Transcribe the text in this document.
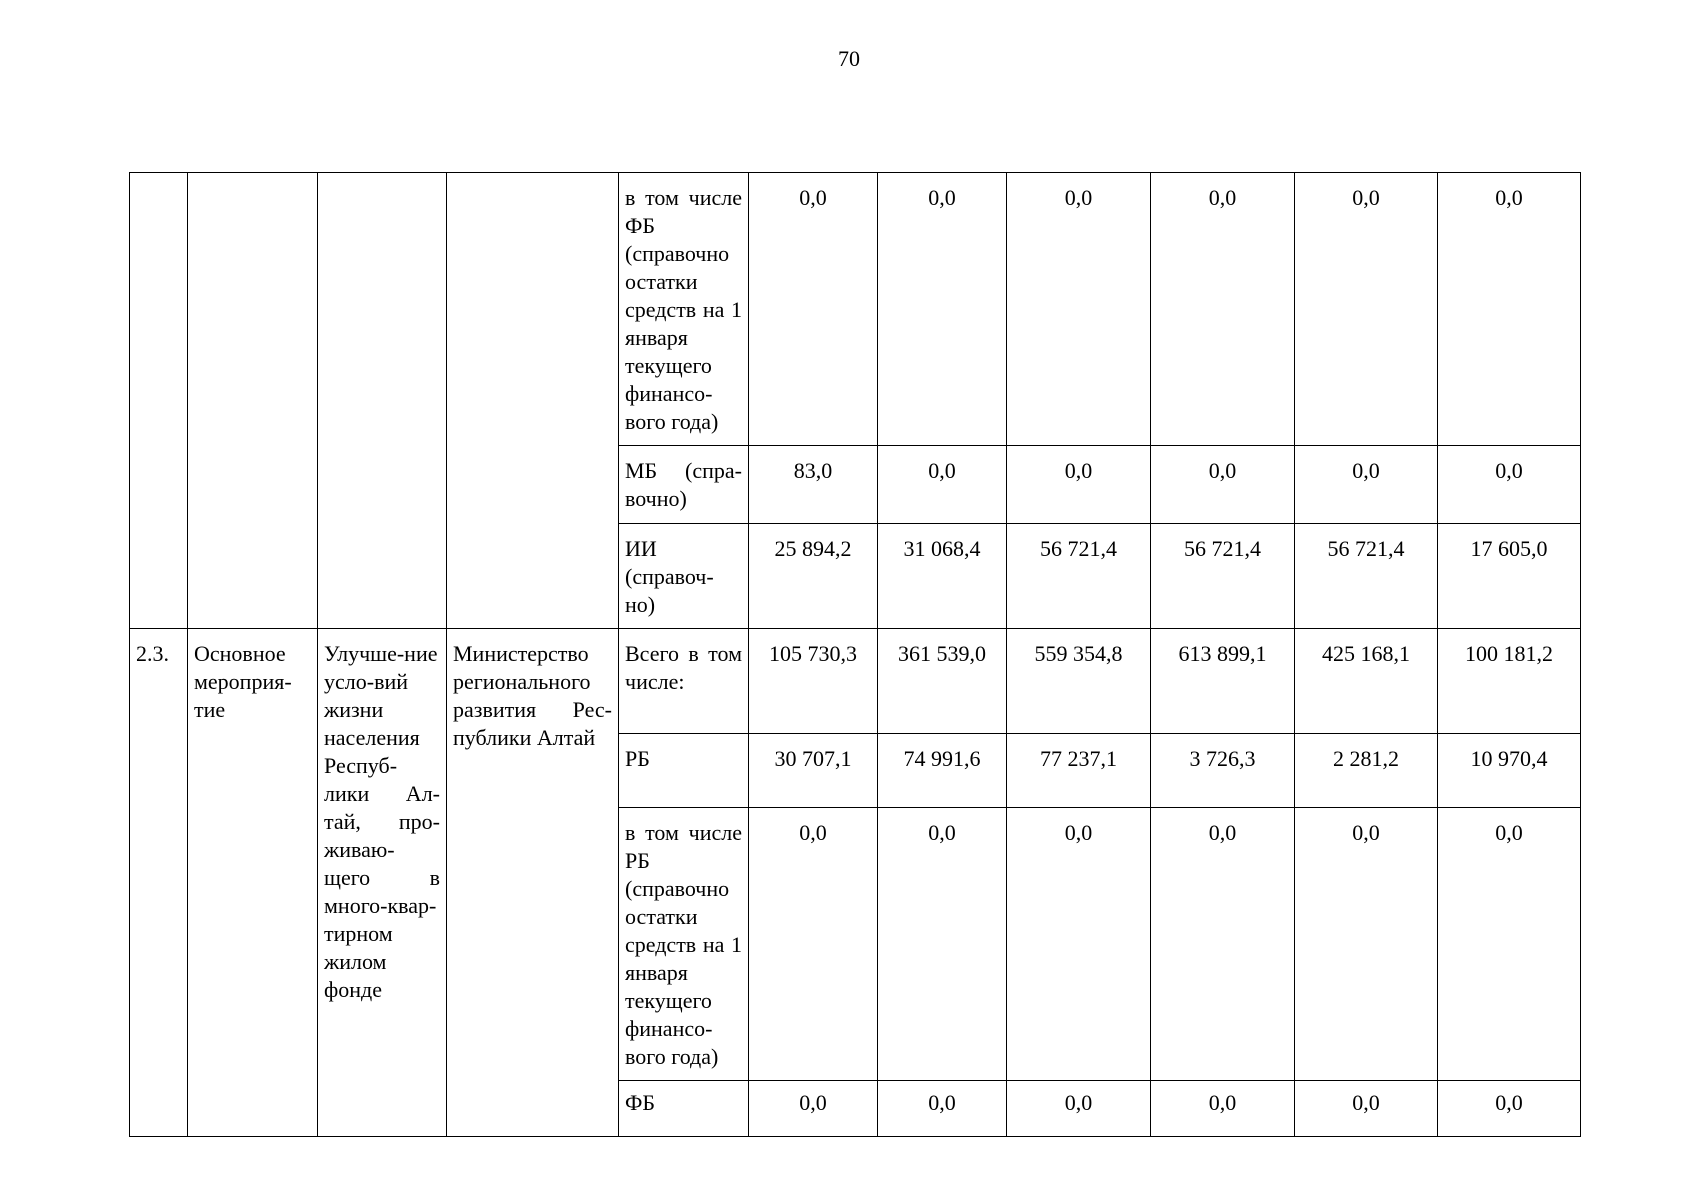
70
				в том числе ФБ (справочно остатки средств на 1 января текущего финансо-вого года)	0,0	0,0	0,0	0,0	0,0	0,0
				МБ (спра-вочно)	83,0	0,0	0,0	0,0	0,0	0,0
				ИИ (справоч-но)	25 894,2	31 068,4	56 721,4	56 721,4	56 721,4	17 605,0
2.3.	Основное мероприя-тие	Улучше-ние усло-вий жизни населения Респуб-лики Ал-тай, про-живаю-щего в много-квар-тирном жилом фонде	Министерство регионального развития Рес-публики Алтай	Всего в том числе:	105 730,3	361 539,0	559 354,8	613 899,1	425 168,1	100 181,2
				РБ	30 707,1	74 991,6	77 237,1	3 726,3	2 281,2	10 970,4
				в том числе РБ (справочно остатки средств на 1 января текущего финансо-вого года)	0,0	0,0	0,0	0,0	0,0	0,0
				ФБ	0,0	0,0	0,0	0,0	0,0	0,0
